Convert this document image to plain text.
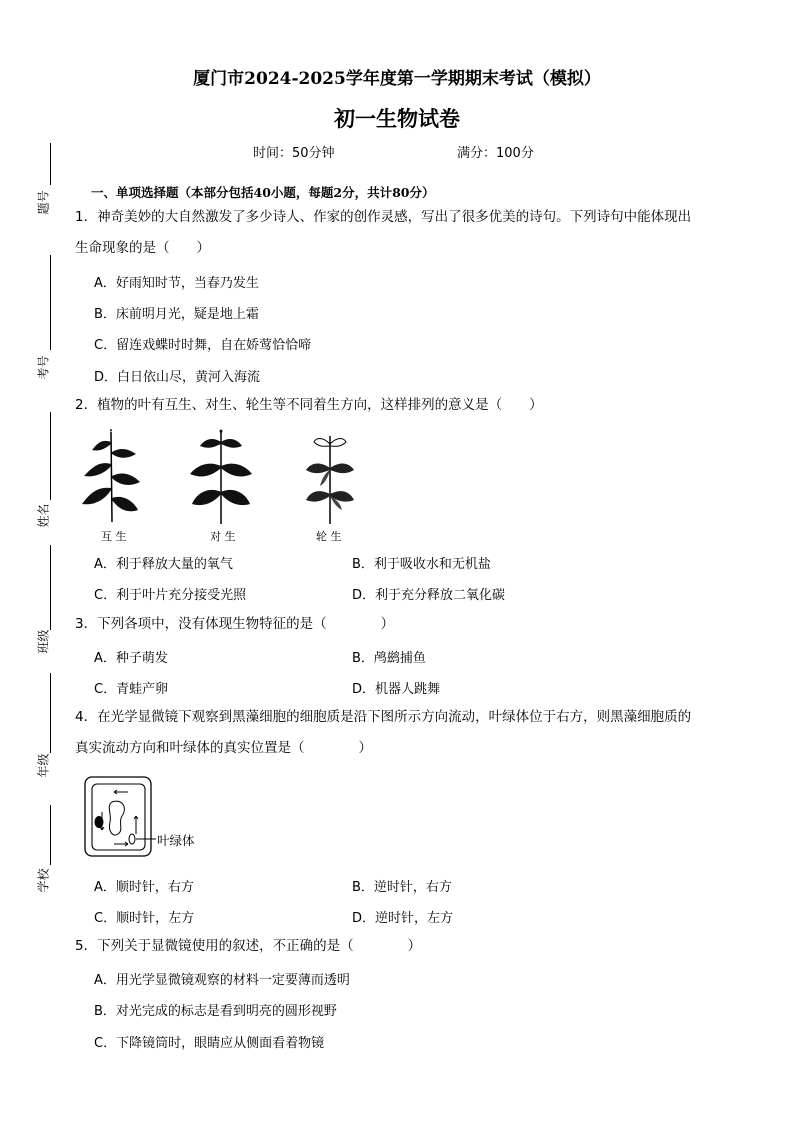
题号
考号
姓名
班级
年级
学校
厦门市2024-2025学年度第一学期期末考试（模拟）
初一生物试卷
时间：50分钟	满分：100分
一、单项选择题（本部分包括40小题，每题2分，共计80分）
1．神奇美妙的大自然激发了多少诗人、作家的创作灵感，写出了很多优美的诗句。下列诗句中能体现出
生命现象的是（　　）
A．好雨知时节，当春乃发生
B．床前明月光，疑是地上霜
C．留连戏蝶时时舞，自在娇莺恰恰啼
D．白日依山尽，黄河入海流
2．植物的叶有互生、对生、轮生等不同着生方向，这样排列的意义是（　　）
互 生	对 生	轮 生
A．利于释放大量的氧气	B．利于吸收水和无机盐
C．利于叶片充分接受光照	D．利于充分释放二氧化碳
3．下列各项中，没有体现生物特征的是（　　　　）
A．种子萌发	B．鸬鹚捕鱼
C．青蛙产卵	D．机器人跳舞
4．在光学显微镜下观察到黑藻细胞的细胞质是沿下图所示方向流动，叶绿体位于右方，则黑藻细胞质的
真实流动方向和叶绿体的真实位置是（　　　　）
叶绿体
A．顺时针，右方	B．逆时针，右方
C．顺时针，左方	D．逆时针，左方
5．下列关于显微镜使用的叙述，不正确的是（　　　　）
A．用光学显微镜观察的材料一定要薄而透明
B．对光完成的标志是看到明亮的圆形视野
C．下降镜筒时，眼睛应从侧面看着物镜
